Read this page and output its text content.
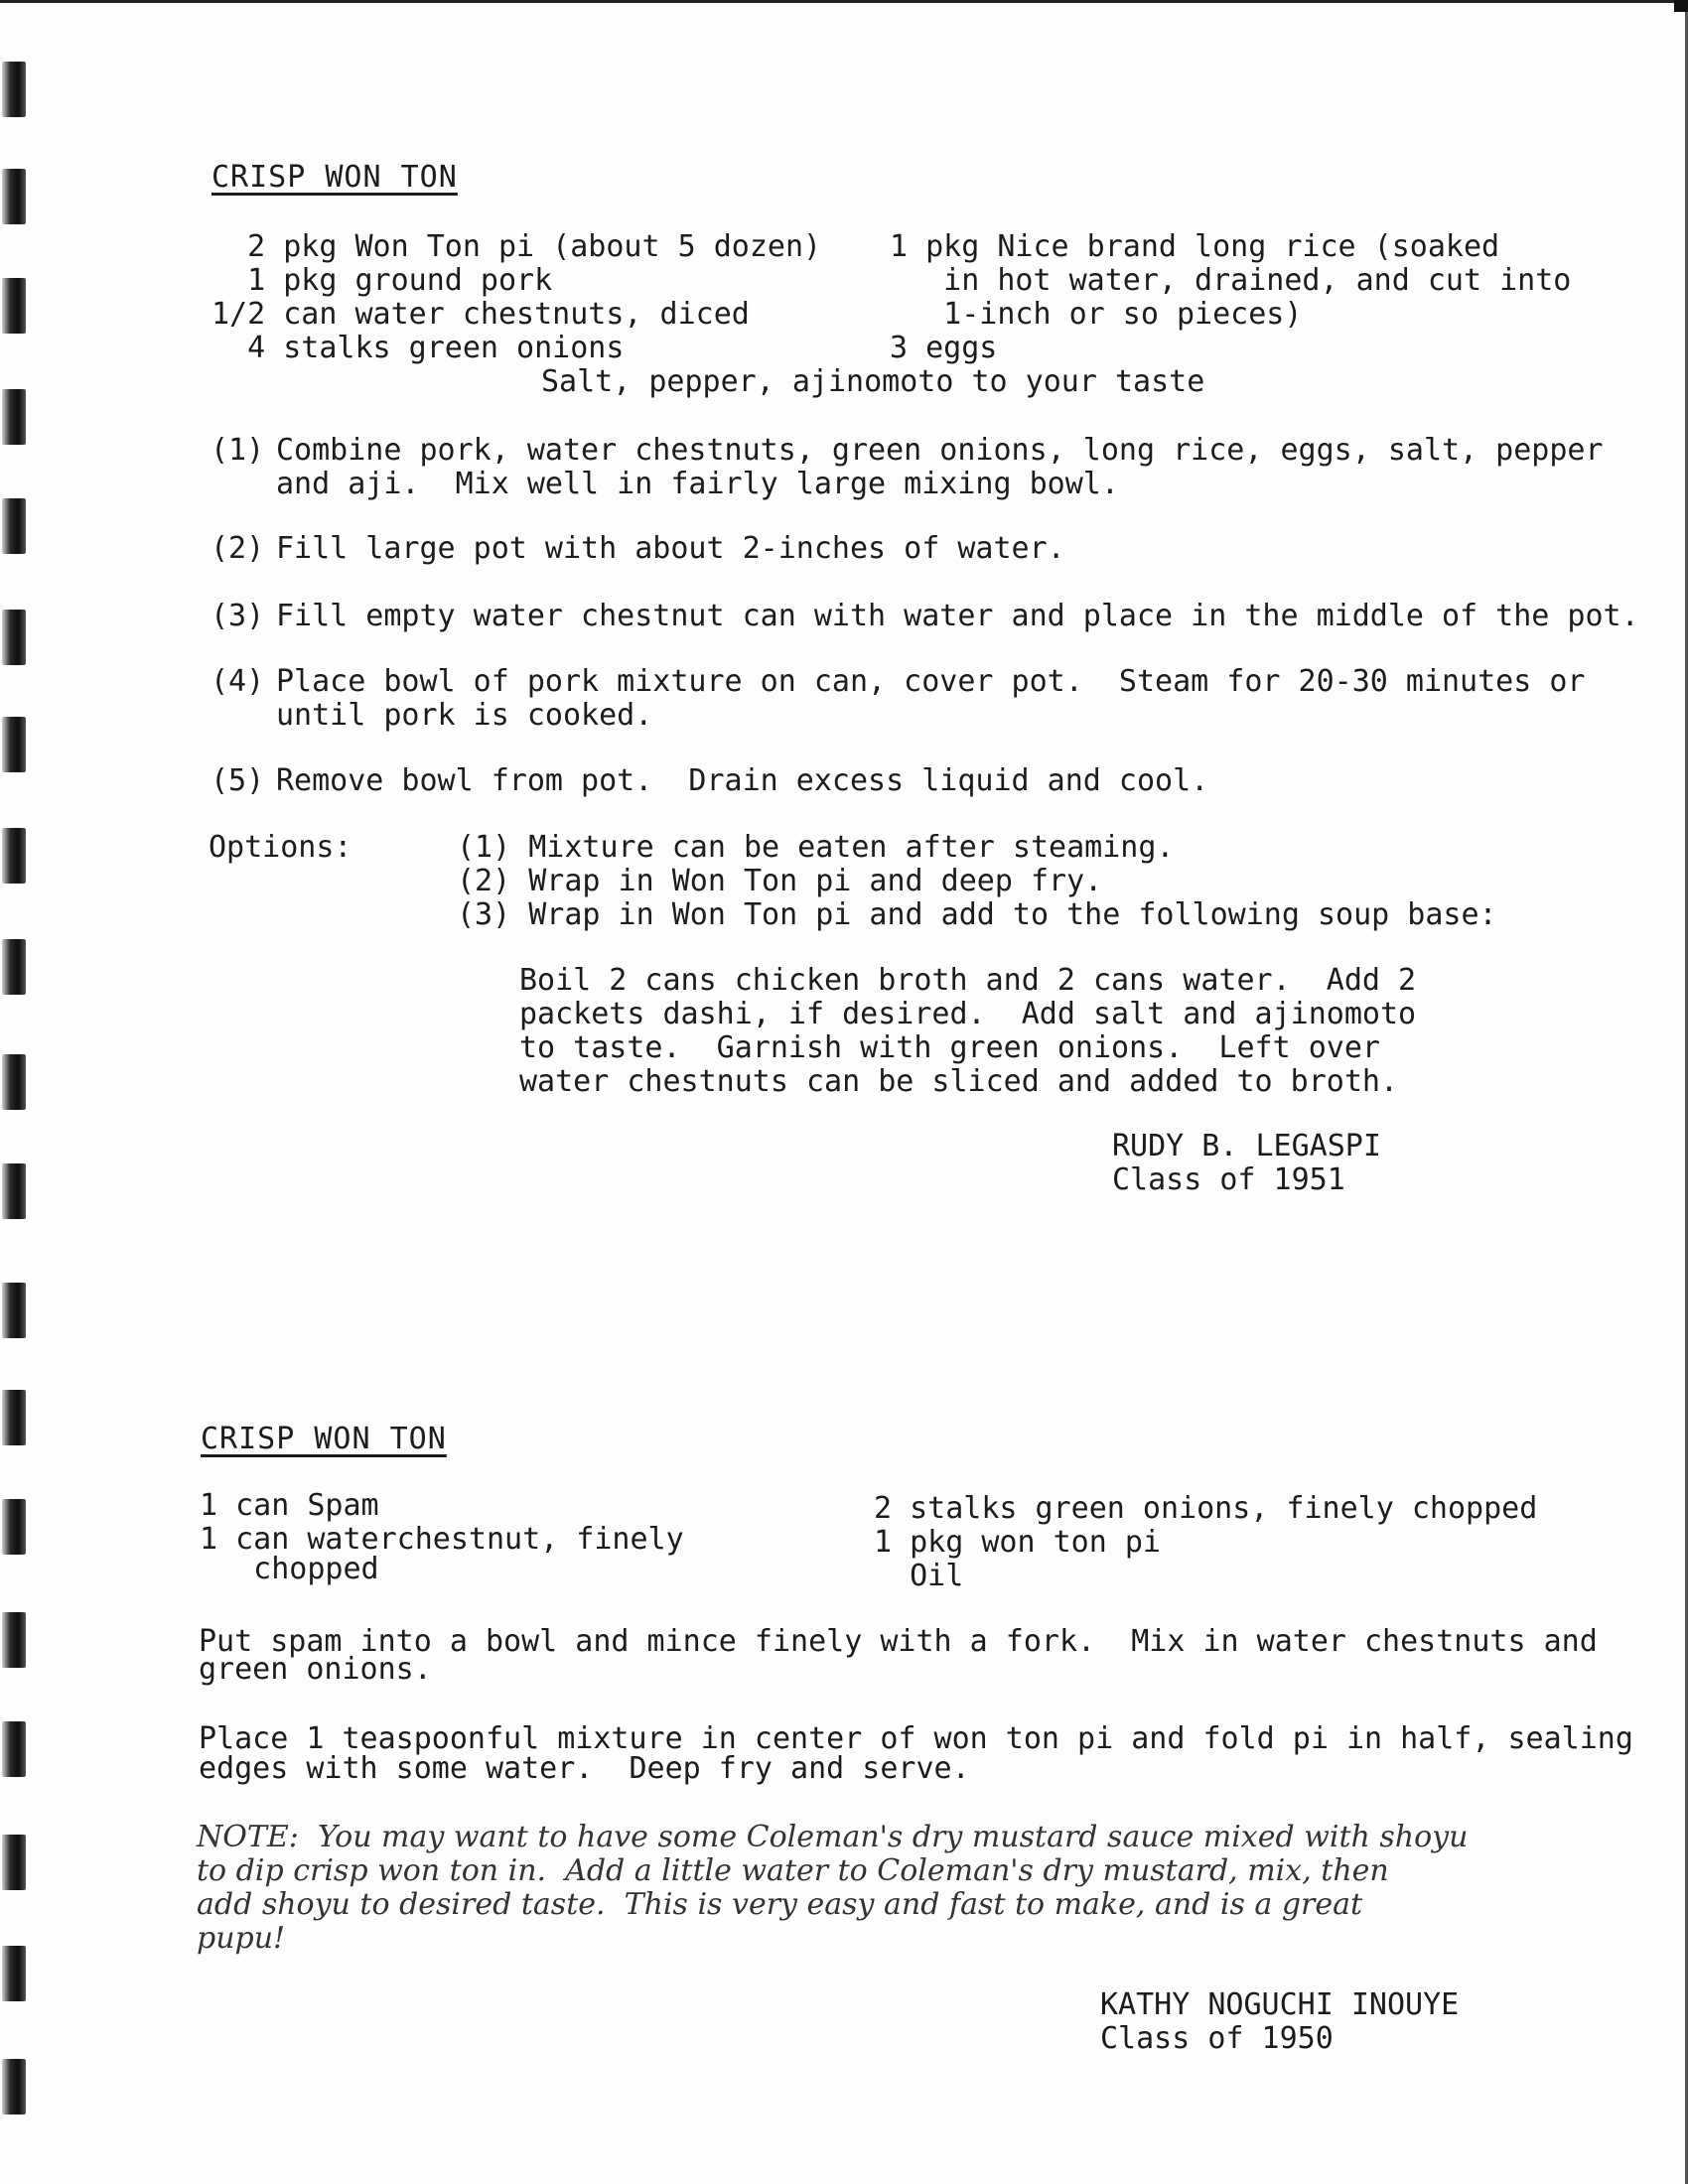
CRISP WON TON
2 pkg Won Ton pi (about 5 dozen)
1 pkg ground pork
1/2 can water chestnuts, diced
4 stalks green onions
1 pkg Nice brand long rice (soaked
in hot water, drained, and cut into
1-inch or so pieces)
3 eggs
Salt, pepper, ajinomoto to your taste
(1) Combine pork, water chestnuts, green onions, long rice, eggs, salt, pepper
and aji.  Mix well in fairly large mixing bowl.
(2) Fill large pot with about 2-inches of water.
(3) Fill empty water chestnut can with water and place in the middle of the pot.
(4) Place bowl of pork mixture on can, cover pot.  Steam for 20-30 minutes or
until pork is cooked.
(5) Remove bowl from pot.  Drain excess liquid and cool.
Options:	(1) Mixture can be eaten after steaming.
(2) Wrap in Won Ton pi and deep fry.
(3) Wrap in Won Ton pi and add to the following soup base:
Boil 2 cans chicken broth and 2 cans water.  Add 2
packets dashi, if desired.  Add salt and ajinomoto
to taste.  Garnish with green onions.  Left over
water chestnuts can be sliced and added to broth.
RUDY B. LEGASPI
Class of 1951
CRISP WON TON
1 can Spam
1 can waterchestnut, finely
chopped
2 stalks green onions, finely chopped
1 pkg won ton pi
Oil
Put spam into a bowl and mince finely with a fork.  Mix in water chestnuts and
green onions.
Place 1 teaspoonful mixture in center of won ton pi and fold pi in half, sealing
edges with some water.  Deep fry and serve.
NOTE:  You may want to have some Coleman's dry mustard sauce mixed with shoyu
to dip crisp won ton in.  Add a little water to Coleman's dry mustard, mix, then
add shoyu to desired taste.  This is very easy and fast to make, and is a great
pupu!
KATHY NOGUCHI INOUYE
Class of 1950
